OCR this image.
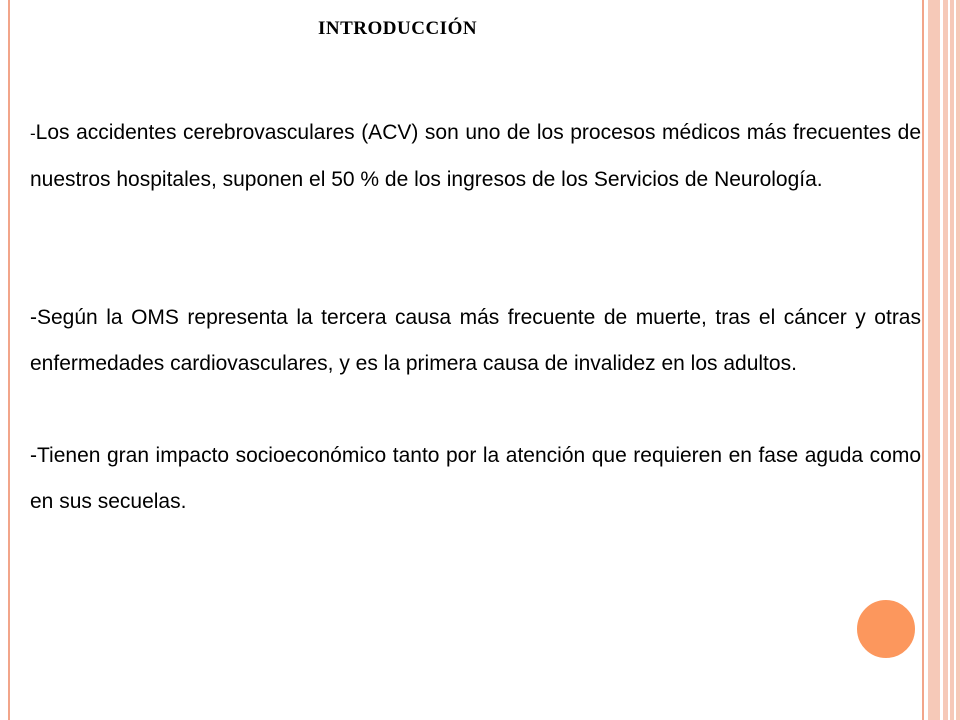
INTRODUCCIÓN

-Los accidentes cerebrovasculares (ACV) son uno de los procesos médicos más frecuentes de nuestros hospitales, suponen el 50 % de los ingresos de los Servicios de Neurología.

-Según la OMS representa la tercera causa más frecuente de muerte, tras el cáncer y otras enfermedades cardiovasculares, y es la primera causa de invalidez en los adultos.

-Tienen gran impacto socioeconómico tanto por la atención que requieren en fase aguda como en sus secuelas.
